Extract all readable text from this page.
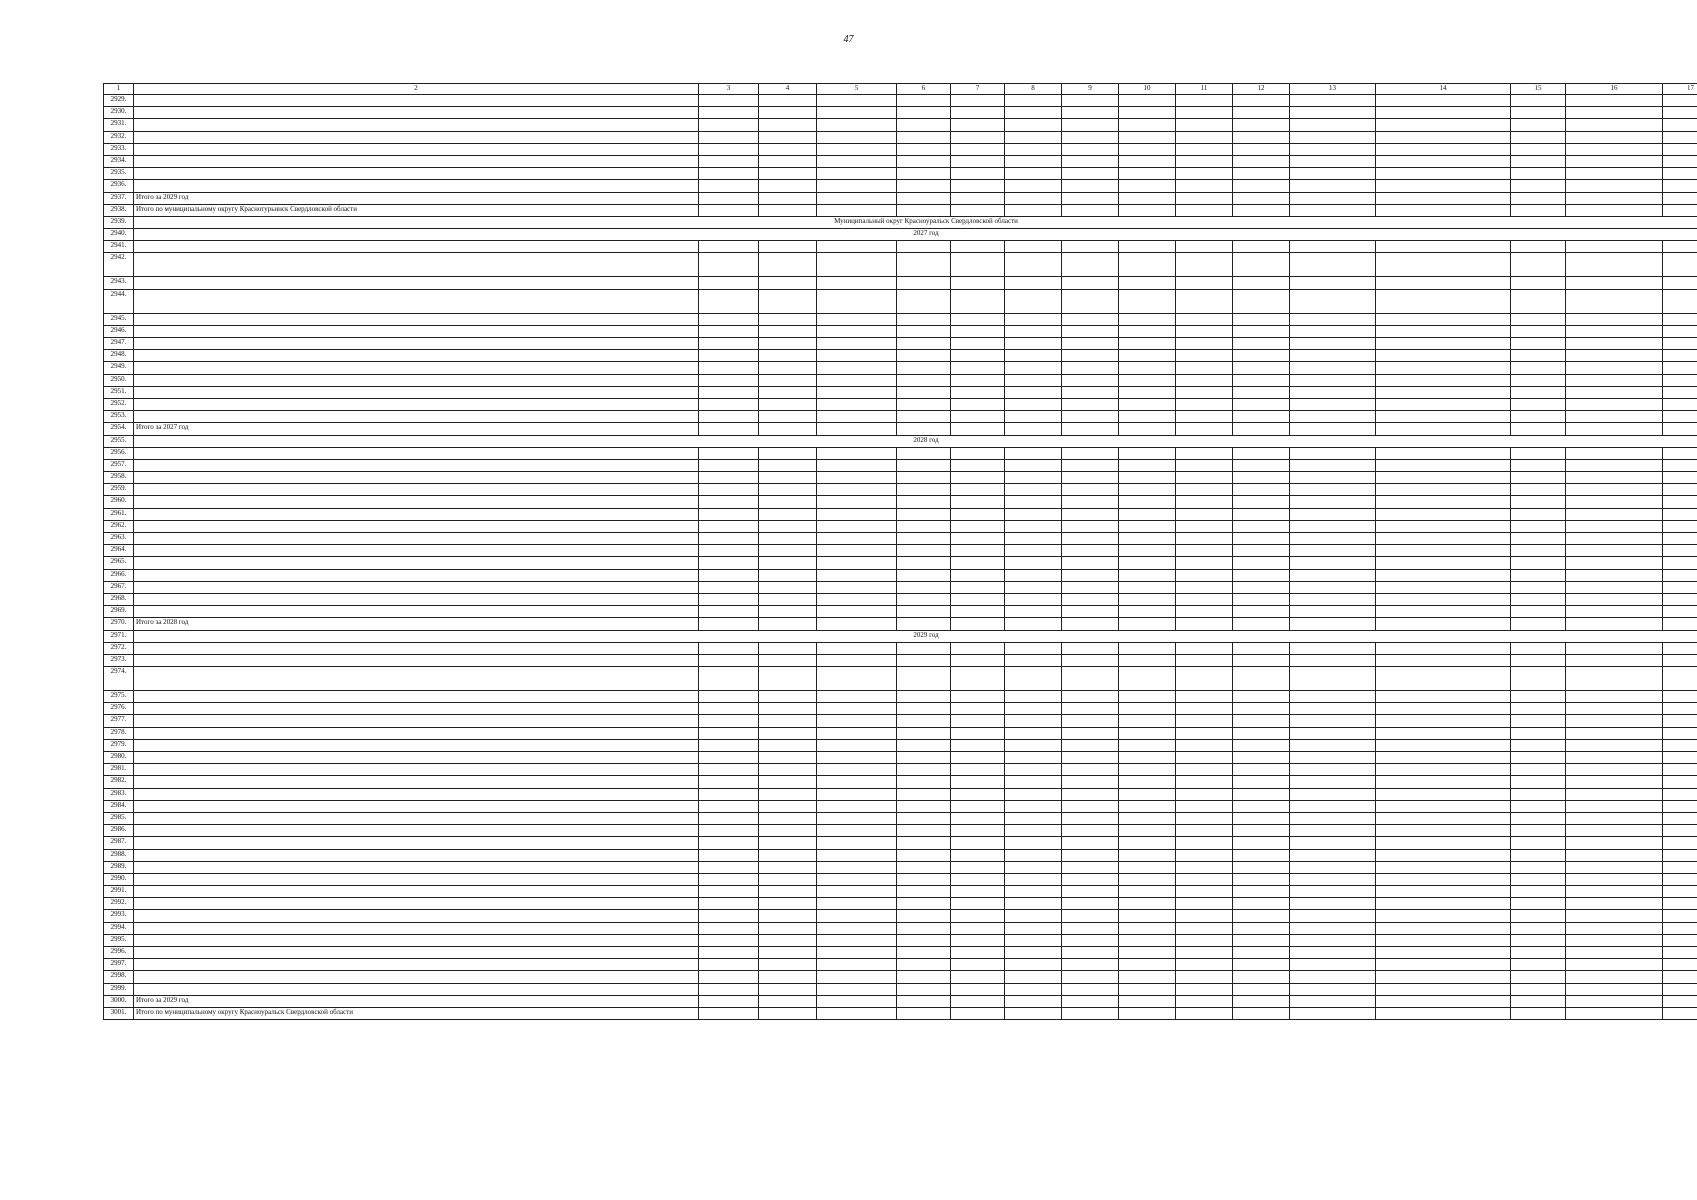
47
1	2	3	4	5	6	7	8	9	10	11	12	13	14	15	16	17
2929.																
2930.																
2931.																
2932.																
2933.																
2934.																
2935.																
2936.																
2937.	Итого за 2029 год															
2938.	Итого по муниципальному округу Краснотурьинск Свердловской области															
2939.	Муниципальный округ Красноуральск Свердловской области															
2940.	2027 год															
2941.																
2942.																
2943.																
2944.																
2945.																
2946.																
2947.																
2948.																
2949.																
2950.																
2951.																
2952.																
2953.																
2954.	Итого за 2027 год															
2955.	2028 год															
2956.																
2957.																
2958.																
2959.																
2960.																
2961.																
2962.																
2963.																
2964.																
2965.																
2966.																
2967.																
2968.																
2969.																
2970.	Итого за 2028 год															
2971.	2029 год															
2972.																
2973.																
2974.																
2975.																
2976.																
2977.																
2978.																
2979.																
2980.																
2981.																
2982.																
2983.																
2984.																
2985.																
2986.																
2987.																
2988.																
2989.																
2990.																
2991.																
2992.																
2993.																
2994.																
2995.																
2996.																
2997.																
2998.																
2999.																
3000.	Итого за 2029 год															
3001.	Итого по муниципальному округу Красноуральск Свердловской области															
